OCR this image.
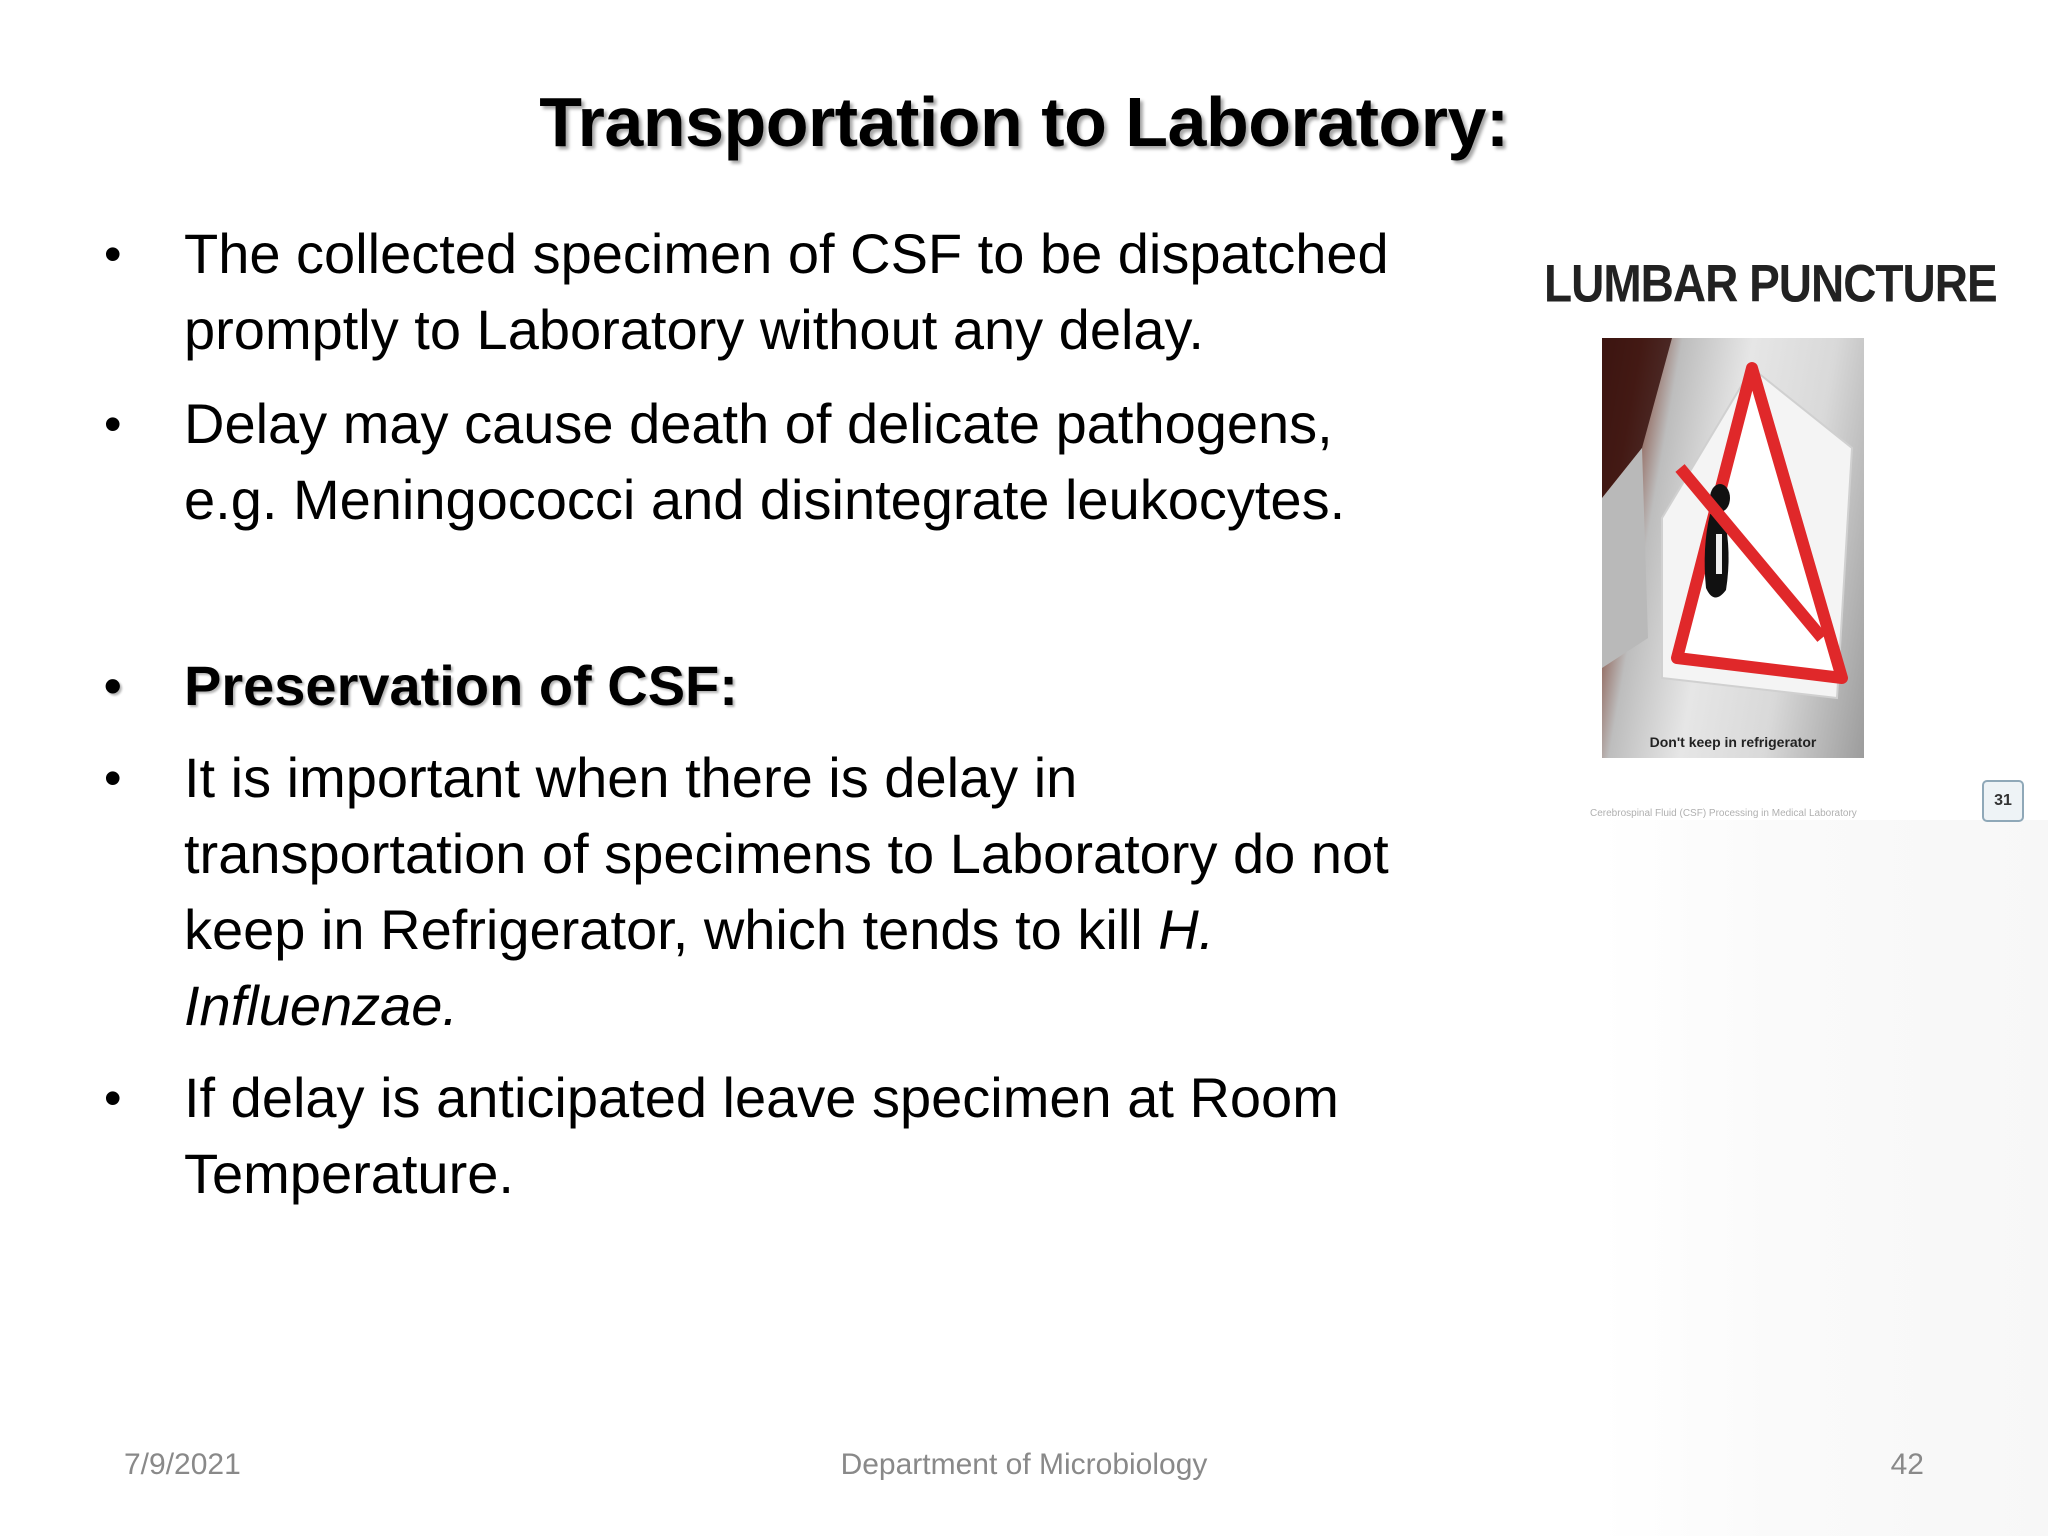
Transportation to Laboratory:
• The collected specimen of CSF to be dispatched
promptly to Laboratory without any delay.
• Delay may cause death of delicate pathogens,
e.g. Meningococci and disintegrate leukocytes.
• Preservation of CSF:
• It is important when there is delay in
transportation of specimens to Laboratory do not
keep in Refrigerator, which tends to kill H.
Influenzae.
• If delay is anticipated leave specimen at Room
Temperature.
LUMBAR PUNCTURE
Don't keep in refrigerator
Cerebrospinal Fluid (CSF) Processing in Medical Laboratory
31
7/9/2021	Department of Microbiology	42
